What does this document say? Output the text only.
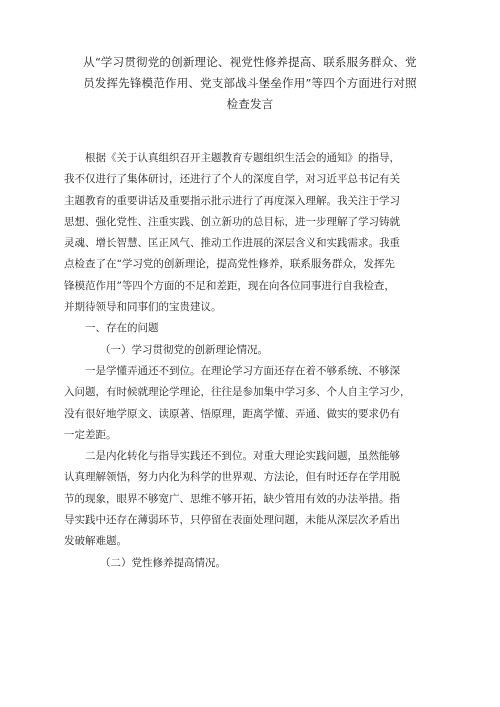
从“学习贯彻党的创新理论、视党性修养提高、联系服务群众、党
员发挥先锋模范作用、党支部战斗堡垒作用”等四个方面进行对照
检查发言
根据《关于认真组织召开主题教育专题组织生活会的通知》的指导，
我不仅进行了集体研讨，还进行了个人的深度自学，对习近平总书记有关
主题教育的重要讲话及重要指示批示进行了再度深入理解。我关注于学习
思想、强化党性、注重实践、创立新功的总目标，进一步理解了学习铸就
灵魂、增长智慧、匡正风气、推动工作进展的深层含义和实践需求。我重
点检查了在“学习党的创新理论，提高党性修养，联系服务群众，发挥先
锋模范作用”等四个方面的不足和差距，现在向各位同事进行自我检查，
并期待领导和同事们的宝贵建议。
一、存在的问题
（一）学习贯彻党的创新理论情况。
一是学懂弄通还不到位。在理论学习方面还存在着不够系统、不够深
入问题，有时候就理论学理论，往往是参加集中学习多、个人自主学习少，
没有很好地学原文、读原著、悟原理，距离学懂、弄通、做实的要求仍有
一定差距。
二是内化转化与指导实践还不到位。对重大理论实践问题，虽然能够
认真理解领悟，努力内化为科学的世界观、方法论，但有时还存在学用脱
节的现象，眼界不够宽广、思维不够开拓，缺少管用有效的办法举措。指
导实践中还存在薄弱环节，只停留在表面处理问题，未能从深层次矛盾出
发破解难题。
（二）党性修养提高情况。
